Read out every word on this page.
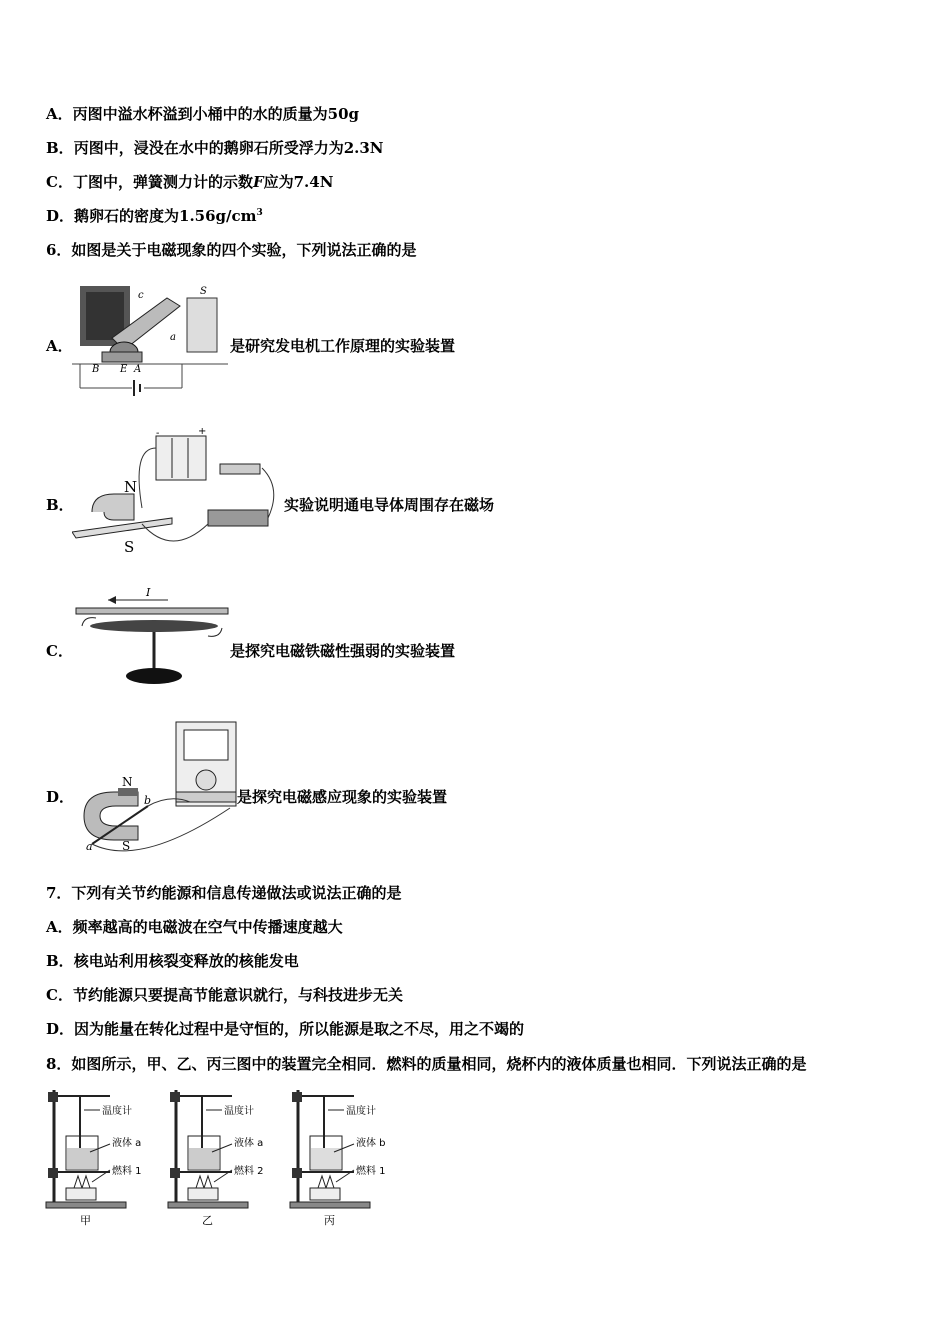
A．丙图中溢水杯溢到小桶中的水的质量为50g
B．丙图中，浸没在水中的鹅卵石所受浮力为2.3N
C．丁图中，弹簧测力计的示数F应为7.4N
D．鹅卵石的密度为$1.56g/cm^3$
6．如图是关于电磁现象的四个实验，下列说法正确的是
A．
c	S
a
B E A
是研究发电机工作原理的实验装置
B．
-	+
N
S
实验说明通电导体周围存在磁场
C．
I
是探究电磁铁磁性强弱的实验装置
D．
N
S
b
a
是探究电磁感应现象的实验装置
7．下列有关节约能源和信息传递做法或说法正确的是
A．频率越高的电磁波在空气中传播速度越大
B．核电站利用核裂变释放的核能发电
C．节约能源只要提高节能意识就行，与科技进步无关
D．因为能量在转化过程中是守恒的，所以能源是取之不尽，用之不竭的
8．如图所示，甲、乙、丙三图中的装置完全相同．燃料的质量相同，烧杯内的液体质量也相同．下列说法正确的是
温度计
液体 a
燃料 1
甲
温度计
液体 a
燃料 2
乙
温度计
液体 b
燃料 1
丙
